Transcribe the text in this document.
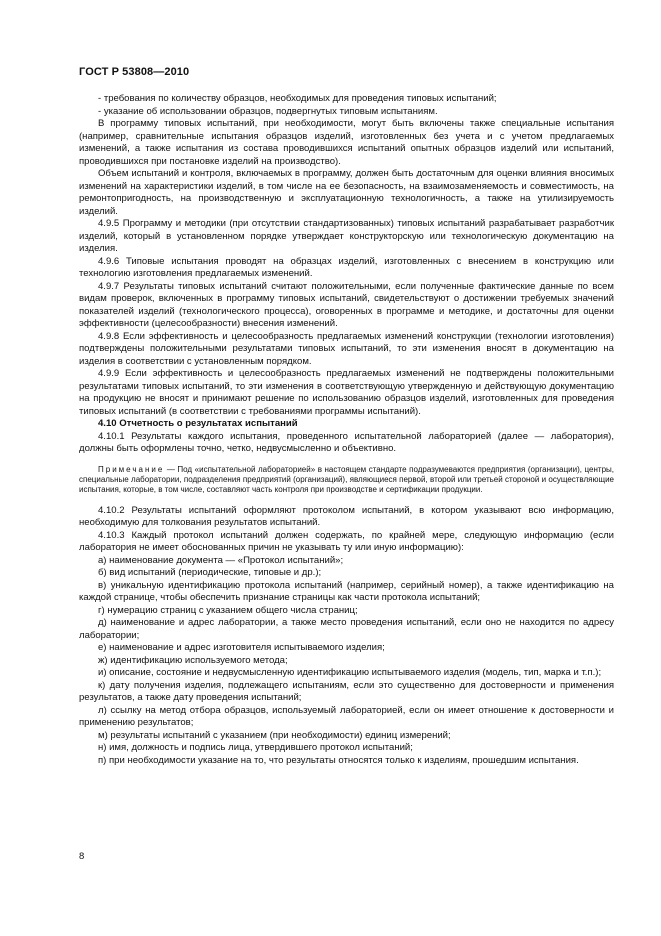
ГОСТ Р 53808—2010

- требования по количеству образцов, необходимых для проведения типовых испытаний;

- указание об использовании образцов, подвергнутых типовым испытаниям.

В программу типовых испытаний, при необходимости, могут быть включены также специальные испытания (например, сравнительные испытания образцов изделий, изготовленных без учета и с учетом предлагаемых изменений, а также испытания из состава проводившихся испытаний опытных образцов изделий или испытаний, проводившихся при постановке изделий на производство).

Объем испытаний и контроля, включаемых в программу, должен быть достаточным для оценки влияния вносимых изменений на характеристики изделий, в том числе на ее безопасность, на взаимозаменяемость и совместимость, на ремонтопригодность, на производственную и эксплуатационную технологичность, а также на утилизируемость изделий.

4.9.5 Программу и методики (при отсутствии стандартизованных) типовых испытаний разрабатывает разработчик изделий, который в установленном порядке утверждает конструкторскую или технологическую документацию на изделия.

4.9.6 Типовые испытания проводят на образцах изделий, изготовленных с внесением в конструкцию или технологию изготовления предлагаемых изменений.

4.9.7 Результаты типовых испытаний считают положительными, если полученные фактические данные по всем видам проверок, включенных в программу типовых испытаний, свидетельствуют о достижении требуемых значений показателей изделий (технологического процесса), оговоренных в программе и методике, и достаточны для оценки эффективности (целесообразности) внесения изменений.

4.9.8 Если эффективность и целесообразность предлагаемых изменений конструкции (технологии изготовления) подтверждены положительными результатами типовых испытаний, то эти изменения вносят в документацию на изделия в соответствии с установленным порядком.

4.9.9 Если эффективность и целесообразность предлагаемых изменений не подтверждены положительными результатами типовых испытаний, то эти изменения в соответствующую утвержденную и действующую документацию на продукцию не вносят и принимают решение по использованию образцов изделий, изготовленных для проведения типовых испытаний (в соответствии с требованиями программы испытаний).

4.10 Отчетность о результатах испытаний

4.10.1 Результаты каждого испытания, проведенного испытательной лабораторией (далее — лаборатория), должны быть оформлены точно, четко, недвусмысленно и объективно.

Примечание — Под «испытательной лабораторией» в настоящем стандарте подразумеваются предприятия (организации), центры, специальные лаборатории, подразделения предприятий (организаций), являющиеся первой, второй или третьей стороной и осуществляющие испытания, которые, в том числе, составляют часть контроля при производстве и сертификации продукции.

4.10.2 Результаты испытаний оформляют протоколом испытаний, в котором указывают всю информацию, необходимую для толкования результатов испытаний.

4.10.3 Каждый протокол испытаний должен содержать, по крайней мере, следующую информацию (если лаборатория не имеет обоснованных причин не указывать ту или иную информацию):

а) наименование документа — «Протокол испытаний»;

б) вид испытаний (периодические, типовые и др.);

в) уникальную идентификацию протокола испытаний (например, серийный номер), а также идентификацию на каждой странице, чтобы обеспечить признание страницы как части протокола испытаний;

г) нумерацию страниц с указанием общего числа страниц;

д) наименование и адрес лаборатории, а также место проведения испытаний, если оно не находится по адресу лаборатории;

е) наименование и адрес изготовителя испытываемого изделия;

ж) идентификацию используемого метода;

и) описание, состояние и недвусмысленную идентификацию испытываемого изделия (модель, тип, марка и т.п.);

к) дату получения изделия, подлежащего испытаниям, если это существенно для достоверности и применения результатов, а также дату проведения испытаний;

л) ссылку на метод отбора образцов, используемый лабораторией, если он имеет отношение к достоверности и применению результатов;

м) результаты испытаний с указанием (при необходимости) единиц измерений;

н) имя, должность и подпись лица, утвердившего протокол испытаний;

п) при необходимости указание на то, что результаты относятся только к изделиям, прошедшим испытания.

8
